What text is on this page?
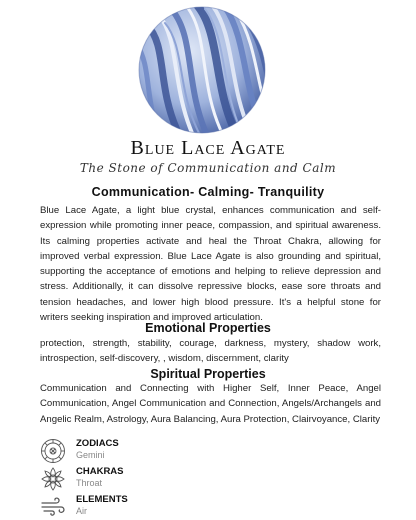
Blue Lace Agate
The Stone of Communication and Calm
Communication- Calming- Tranquility

Blue Lace Agate, a light blue crystal, enhances communication and self-expression while promoting inner peace, compassion, and spiritual awareness. Its calming properties activate and heal the Throat Chakra, allowing for improved verbal expression. Blue Lace Agate is also grounding and spiritual, supporting the acceptance of emotions and helping to relieve depression and stress. Additionally, it can dissolve repressive blocks, ease sore throats and tension headaches, and lower high blood pressure. It's a helpful stone for writers seeking inspiration and improved articulation.

Emotional Properties

protection, strength, stability, courage, darkness, mystery, shadow work, introspection, self-discovery, , wisdom, discernment, clarity

Spiritual Properties

Communication and Connecting with Higher Self, Inner Peace, Angel Communication, Angel Communication and Connection, Angels/Archangels and Angelic Realm, Astrology, Aura Balancing, Aura Protection, Clairvoyance, Clarity

ZODIACS
Gemini
CHAKRAS
Throat
ELEMENTS
Air
